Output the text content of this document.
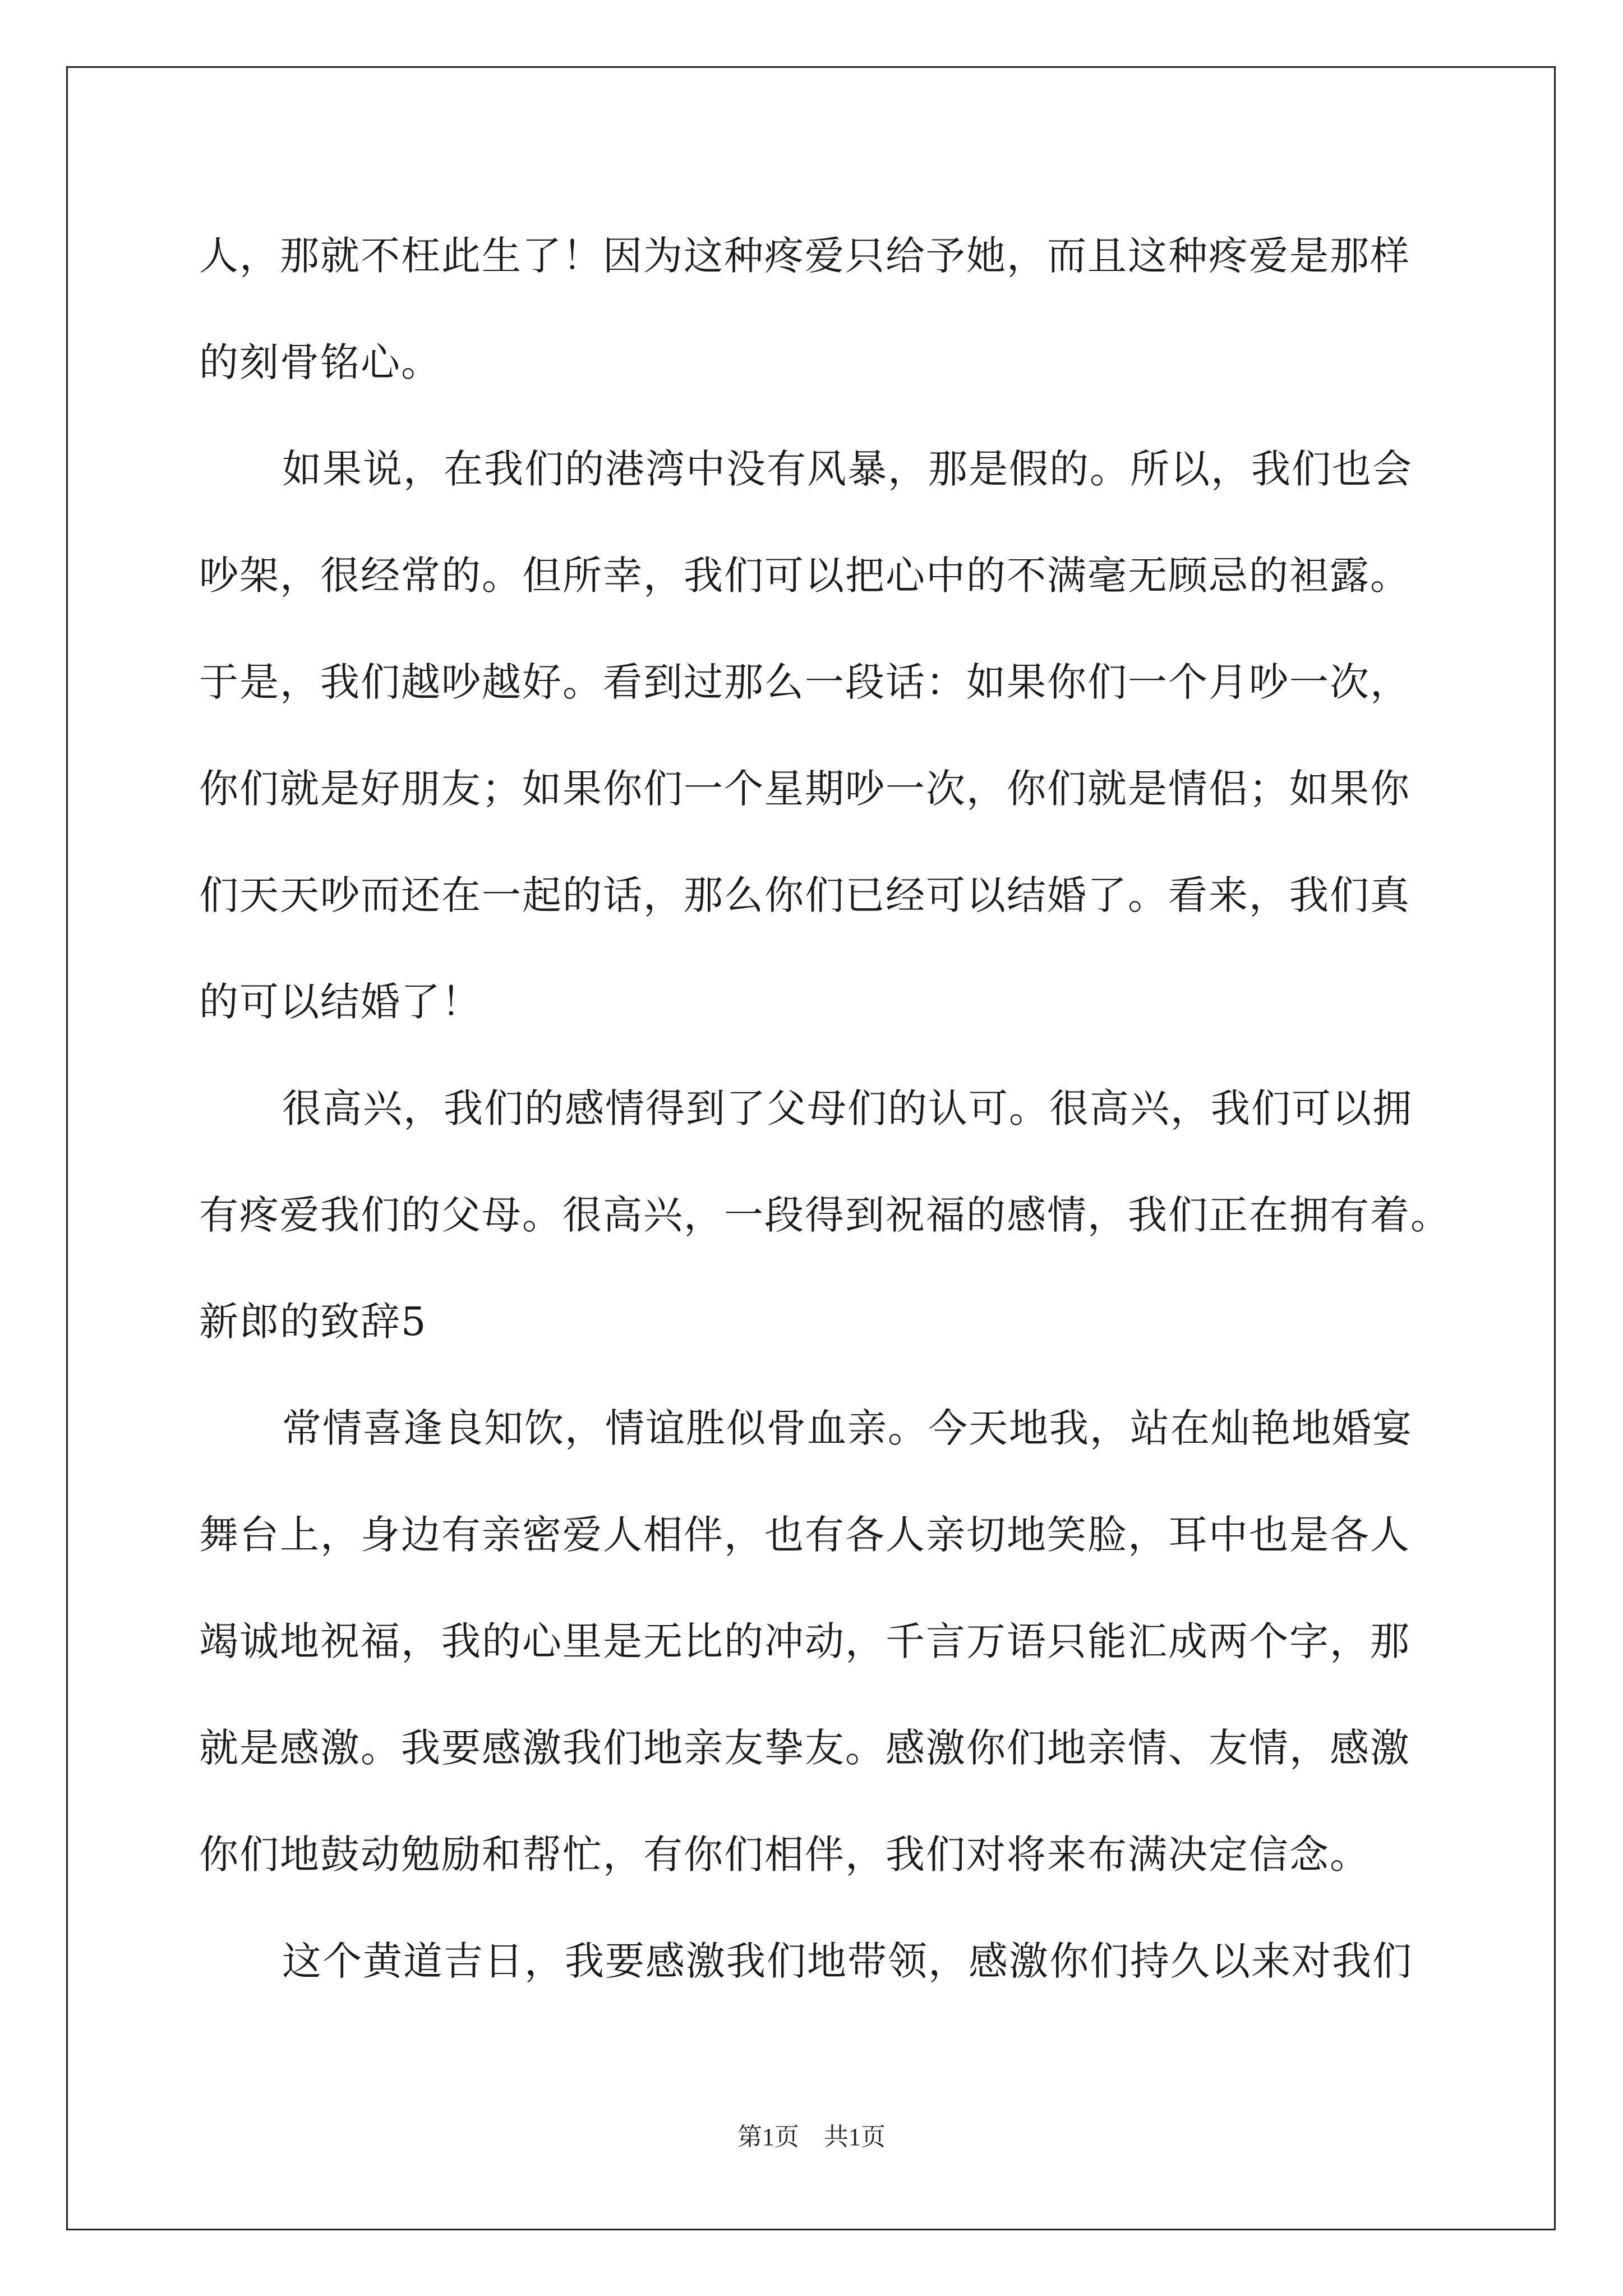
人，那就不枉此生了！因为这种疼爱只给予她，而且这种疼爱是那样
的刻骨铭心。
如果说，在我们的港湾中没有风暴，那是假的。所以，我们也会
吵架，很经常的。但所幸，我们可以把心中的不满毫无顾忌的袒露。
于是，我们越吵越好。看到过那么一段话：如果你们一个月吵一次，
你们就是好朋友；如果你们一个星期吵一次，你们就是情侣；如果你
们天天吵而还在一起的话，那么你们已经可以结婚了。看来，我们真
的可以结婚了！
很高兴，我们的感情得到了父母们的认可。很高兴，我们可以拥
有疼爱我们的父母。很高兴，一段得到祝福的感情，我们正在拥有着。
新郎的致辞5
常情喜逢良知饮，情谊胜似骨血亲。今天地我，站在灿艳地婚宴
舞台上，身边有亲密爱人相伴，也有各人亲切地笑脸，耳中也是各人
竭诚地祝福，我的心里是无比的冲动，千言万语只能汇成两个字，那
就是感激。我要感激我们地亲友挚友。感激你们地亲情、友情，感激
你们地鼓动勉励和帮忙，有你们相伴，我们对将来布满决定信念。
这个黄道吉日，我要感激我们地带领，感激你们持久以来对我们
第1页　共1页
